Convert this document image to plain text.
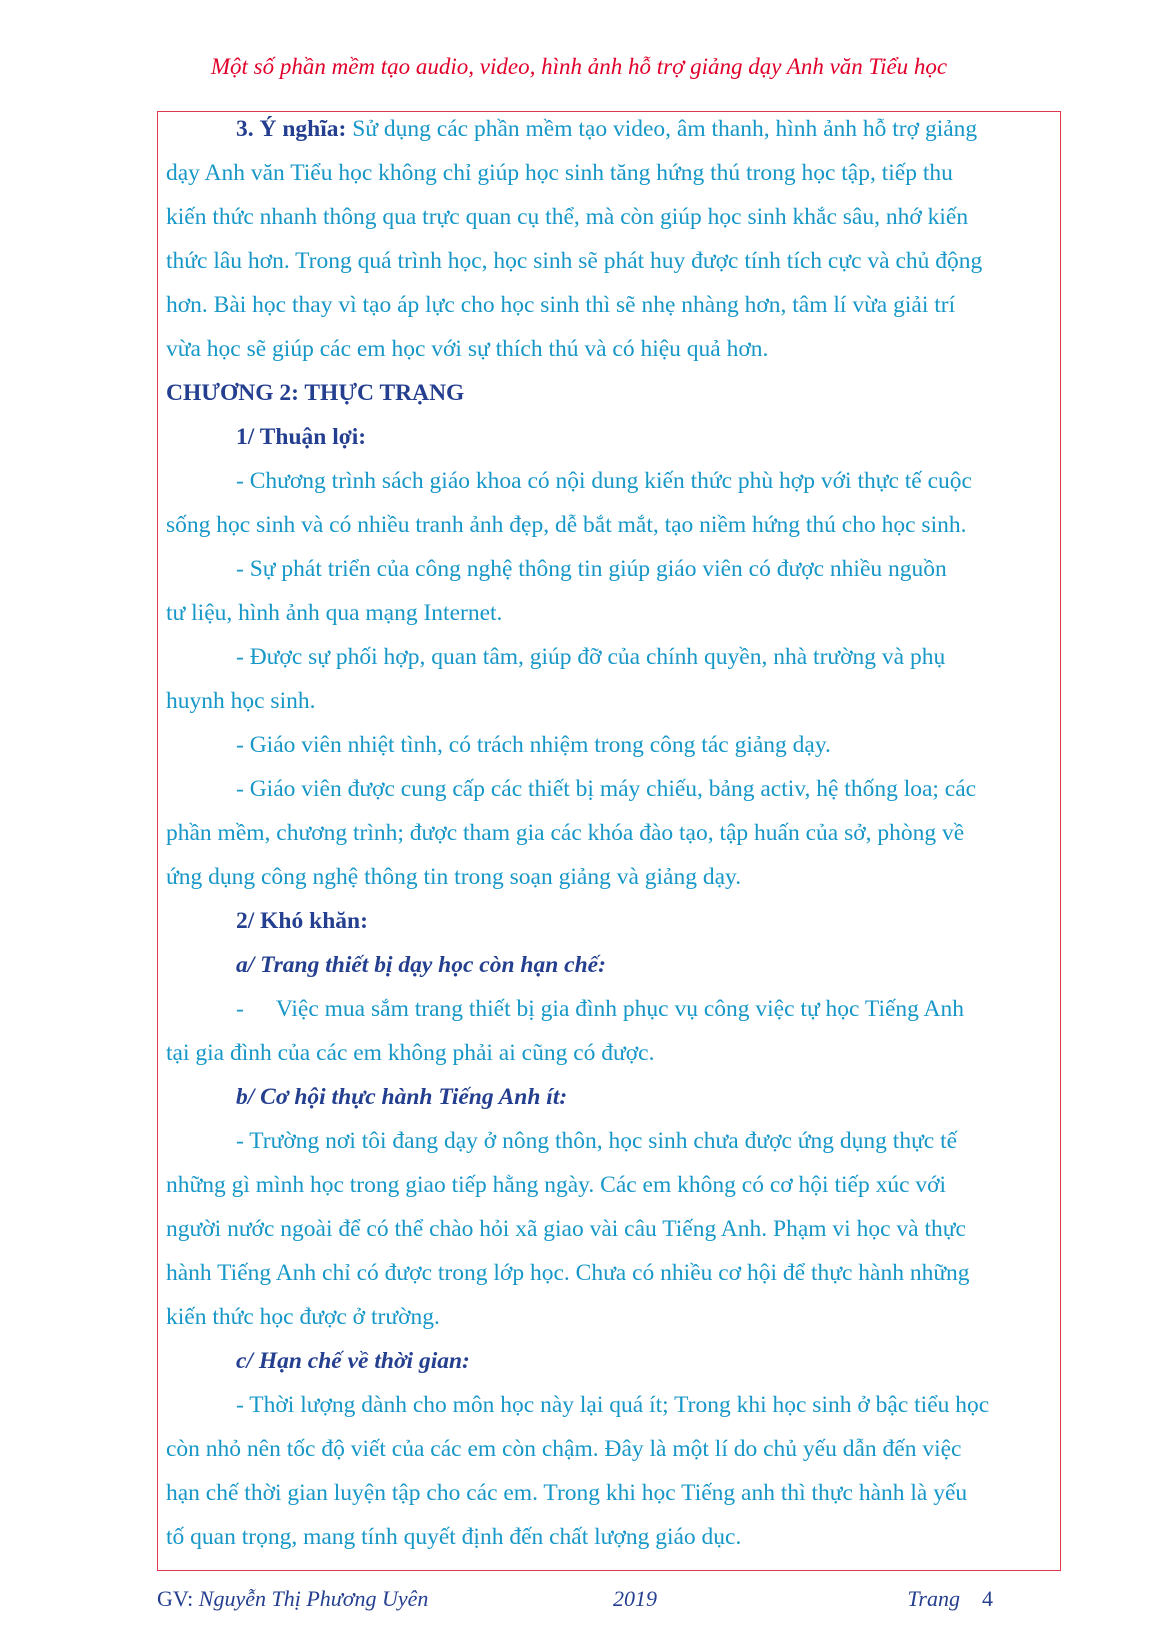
Một số phần mềm tạo audio, video, hình ảnh hỗ trợ giảng dạy Anh văn Tiểu học

3. Ý nghĩa: Sử dụng các phần mềm tạo video, âm thanh, hình ảnh hỗ trợ giảng
dạy Anh văn Tiểu học không chỉ giúp học sinh tăng hứng thú trong học tập, tiếp thu
kiến thức nhanh thông qua trực quan cụ thể, mà còn giúp học sinh khắc sâu, nhớ kiến
thức lâu hơn. Trong quá trình học, học sinh sẽ phát huy được tính tích cực và chủ động
hơn. Bài học thay vì tạo áp lực cho học sinh thì sẽ nhẹ nhàng hơn, tâm lí vừa giải trí
vừa học sẽ giúp các em học với sự thích thú và có hiệu quả hơn.

CHƯƠNG 2: THỰC TRẠNG

1/ Thuận lợi:

- Chương trình sách giáo khoa có nội dung kiến thức phù hợp với thực tế cuộc
sống học sinh và có nhiều tranh ảnh đẹp, dễ bắt mắt, tạo niềm hứng thú cho học sinh.

- Sự phát triển của công nghệ thông tin giúp giáo viên có được nhiều nguồn
tư liệu, hình ảnh qua mạng Internet.

- Được sự phối hợp, quan tâm, giúp đỡ của chính quyền, nhà trường và phụ
huynh học sinh.

- Giáo viên nhiệt tình, có trách nhiệm trong công tác giảng dạy.

- Giáo viên được cung cấp các thiết bị máy chiếu, bảng activ, hệ thống loa; các
phần mềm, chương trình; được tham gia các khóa đào tạo, tập huấn của sở, phòng về
ứng dụng công nghệ thông tin trong soạn giảng và giảng dạy.

2/ Khó khăn:

a/ Trang thiết bị dạy học còn hạn chế:

- Việc mua sắm trang thiết bị gia đình phục vụ công việc tự học Tiếng Anh
tại gia đình của các em không phải ai cũng có được.

b/ Cơ hội thực hành Tiếng Anh ít:

- Trường nơi tôi đang dạy ở nông thôn, học sinh chưa được ứng dụng thực tế
những gì mình học trong giao tiếp hằng ngày. Các em không có cơ hội tiếp xúc với
người nước ngoài để có thể chào hỏi xã giao vài câu Tiếng Anh. Phạm vi học và thực
hành Tiếng Anh chỉ có được trong lớp học. Chưa có nhiều cơ hội để thực hành những
kiến thức học được ở trường.

c/ Hạn chế về thời gian:

- Thời lượng dành cho môn học này lại quá ít; Trong khi học sinh ở bậc tiểu học
còn nhỏ nên tốc độ viết của các em còn chậm. Đây là một lí do chủ yếu dẫn đến việc
hạn chế thời gian luyện tập cho các em. Trong khi học Tiếng anh thì thực hành là yếu
tố quan trọng, mang tính quyết định đến chất lượng giáo dục.

GV: Nguyễn Thị Phương Uyên	2019	Trang 4
